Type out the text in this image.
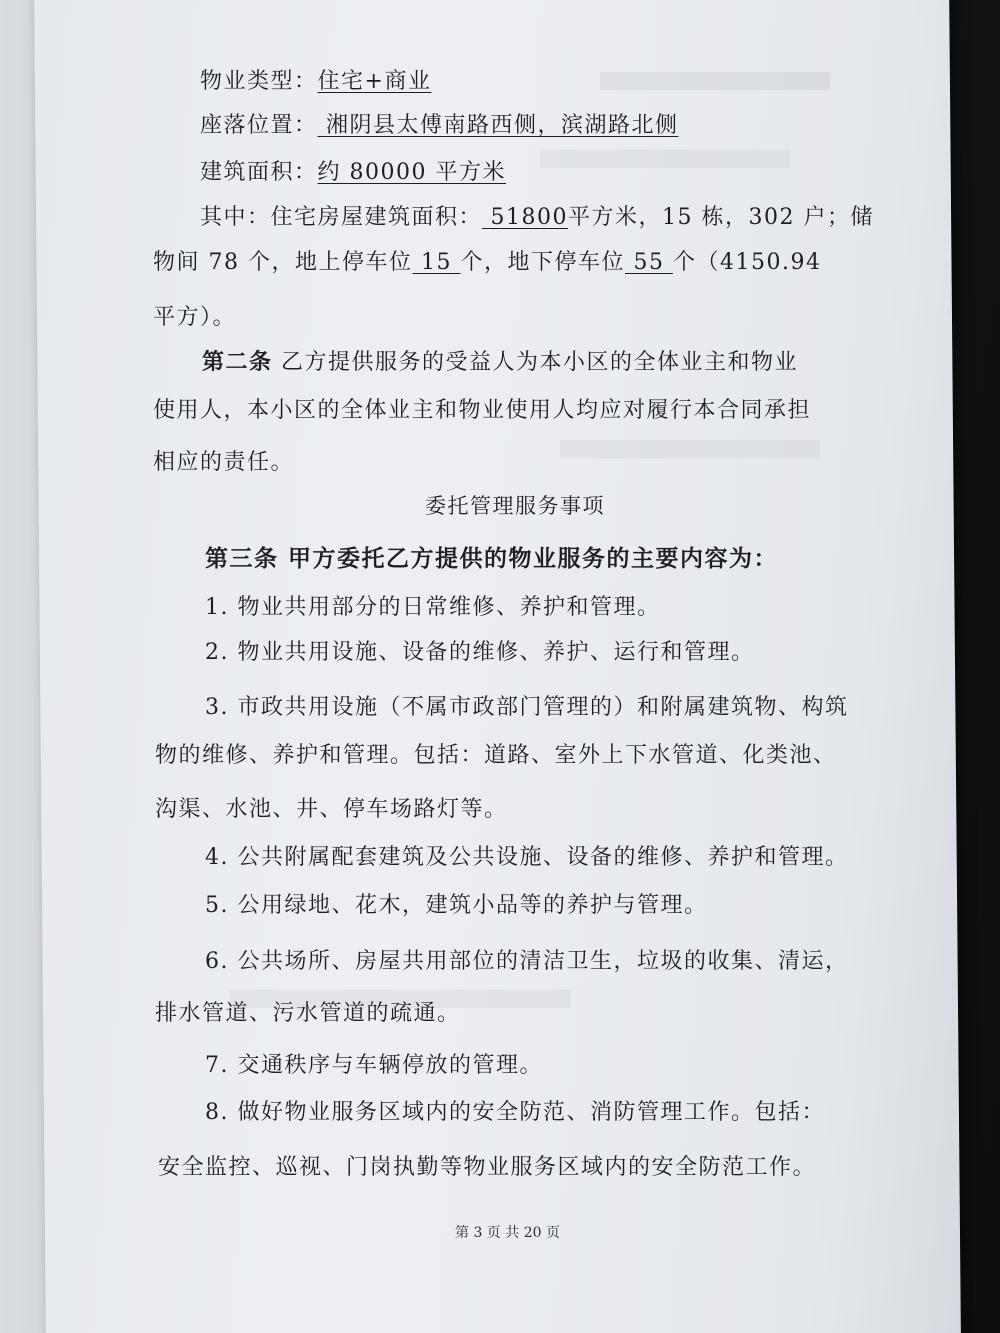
物业类型：住宅+商业
座落位置： 湘阴县太傅南路西侧，滨湖路北侧
建筑面积：约 80000 平方米
其中：住宅房屋建筑面积： 51800平方米，15 栋，302 户；储
物间 78 个，地上停车位 15 个，地下停车位 55 个（4150.94
平方）。
第二条 乙方提供服务的受益人为本小区的全体业主和物业
使用人，本小区的全体业主和物业使用人均应对履行本合同承担
相应的责任。
委托管理服务事项
第三条 甲方委托乙方提供的物业服务的主要内容为：
1. 物业共用部分的日常维修、养护和管理。
2. 物业共用设施、设备的维修、养护、运行和管理。
3. 市政共用设施（不属市政部门管理的）和附属建筑物、构筑
物的维修、养护和管理。包括：道路、室外上下水管道、化类池、
沟渠、水池、井、停车场路灯等。
4. 公共附属配套建筑及公共设施、设备的维修、养护和管理。
5. 公用绿地、花木，建筑小品等的养护与管理。
6. 公共场所、房屋共用部位的清洁卫生，垃圾的收集、清运，
排水管道、污水管道的疏通。
7. 交通秩序与车辆停放的管理。
8. 做好物业服务区域内的安全防范、消防管理工作。包括：
安全监控、巡视、门岗执勤等物业服务区域内的安全防范工作。
第 3 页 共 20 页
